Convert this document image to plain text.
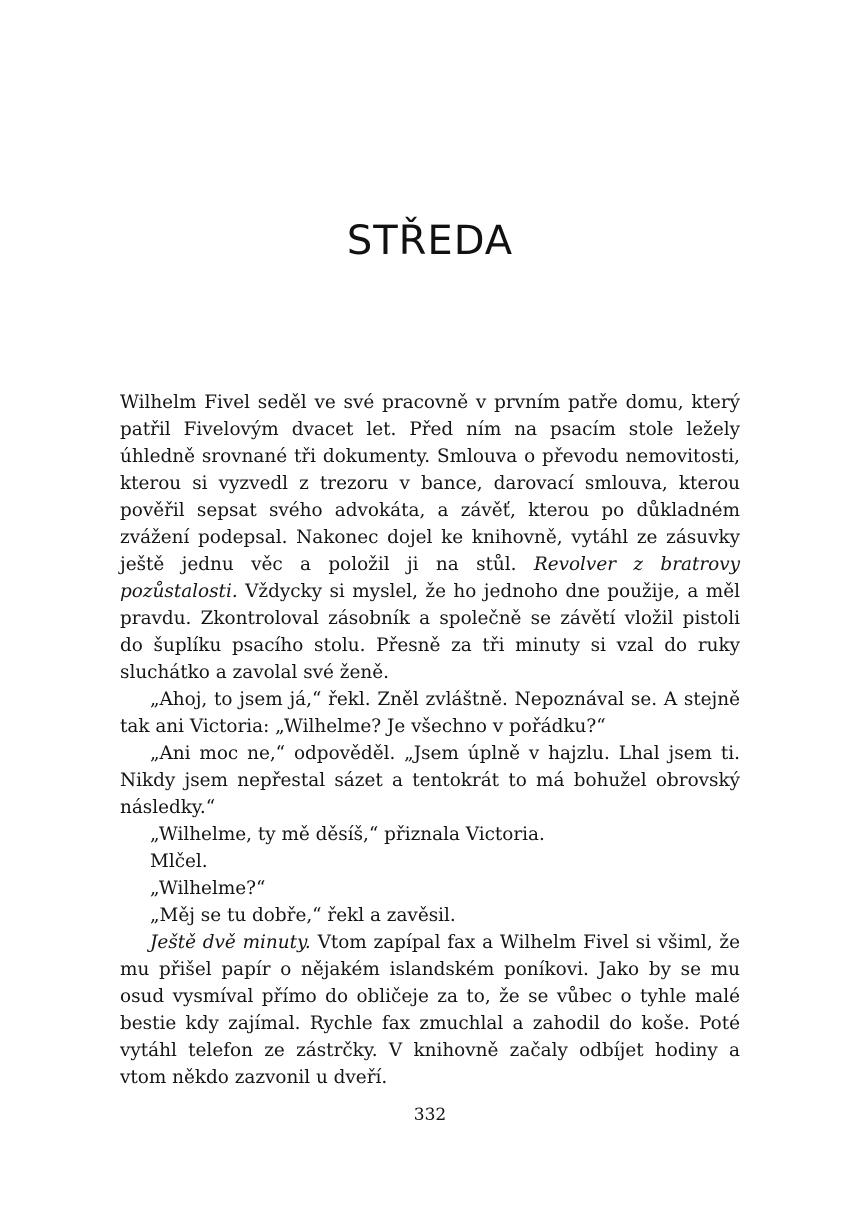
STŘEDA

Wilhelm Fivel seděl ve své pracovně v prvním patře domu, který patřil Fivelovým dvacet let. Před ním na psacím stole ležely úhledně srovnané tři dokumenty. Smlouva o převodu nemovitosti, kterou si vyzvedl z trezoru v bance, darovací smlouva, kterou pověřil sepsat svého advokáta, a závěť, kterou po důkladném zvážení podepsal. Nakonec dojel ke knihovně, vytáhl ze zásuvky ještě jednu věc a položil ji na stůl. Revolver z bratrovy pozůstalosti. Vždycky si myslel, že ho jednoho dne použije, a měl pravdu. Zkontroloval zásobník a společně se závětí vložil pistoli do šuplíku psacího stolu. Přesně za tři minuty si vzal do ruky sluchátko a zavolal své ženě.

„Ahoj, to jsem já,“ řekl. Zněl zvláštně. Nepoznával se. A stejně tak ani Victoria: „Wilhelme? Je všechno v pořádku?“

„Ani moc ne,“ odpověděl. „Jsem úplně v hajzlu. Lhal jsem ti. Nikdy jsem nepřestal sázet a tentokrát to má bohužel obrovský následky.“

„Wilhelme, ty mě děsíš,“ přiznala Victoria.

Mlčel.

„Wilhelme?“

„Měj se tu dobře,“ řekl a zavěsil.

Ještě dvě minuty. Vtom zapípal fax a Wilhelm Fivel si všiml, že mu přišel papír o nějakém islandském poníkovi. Jako by se mu osud vysmíval přímo do obličeje za to, že se vůbec o tyhle malé bestie kdy zajímal. Rychle fax zmuchlal a zahodil do koše. Poté vytáhl telefon ze zástrčky. V knihovně začaly odbíjet hodiny a vtom někdo zazvonil u dveří.

332
